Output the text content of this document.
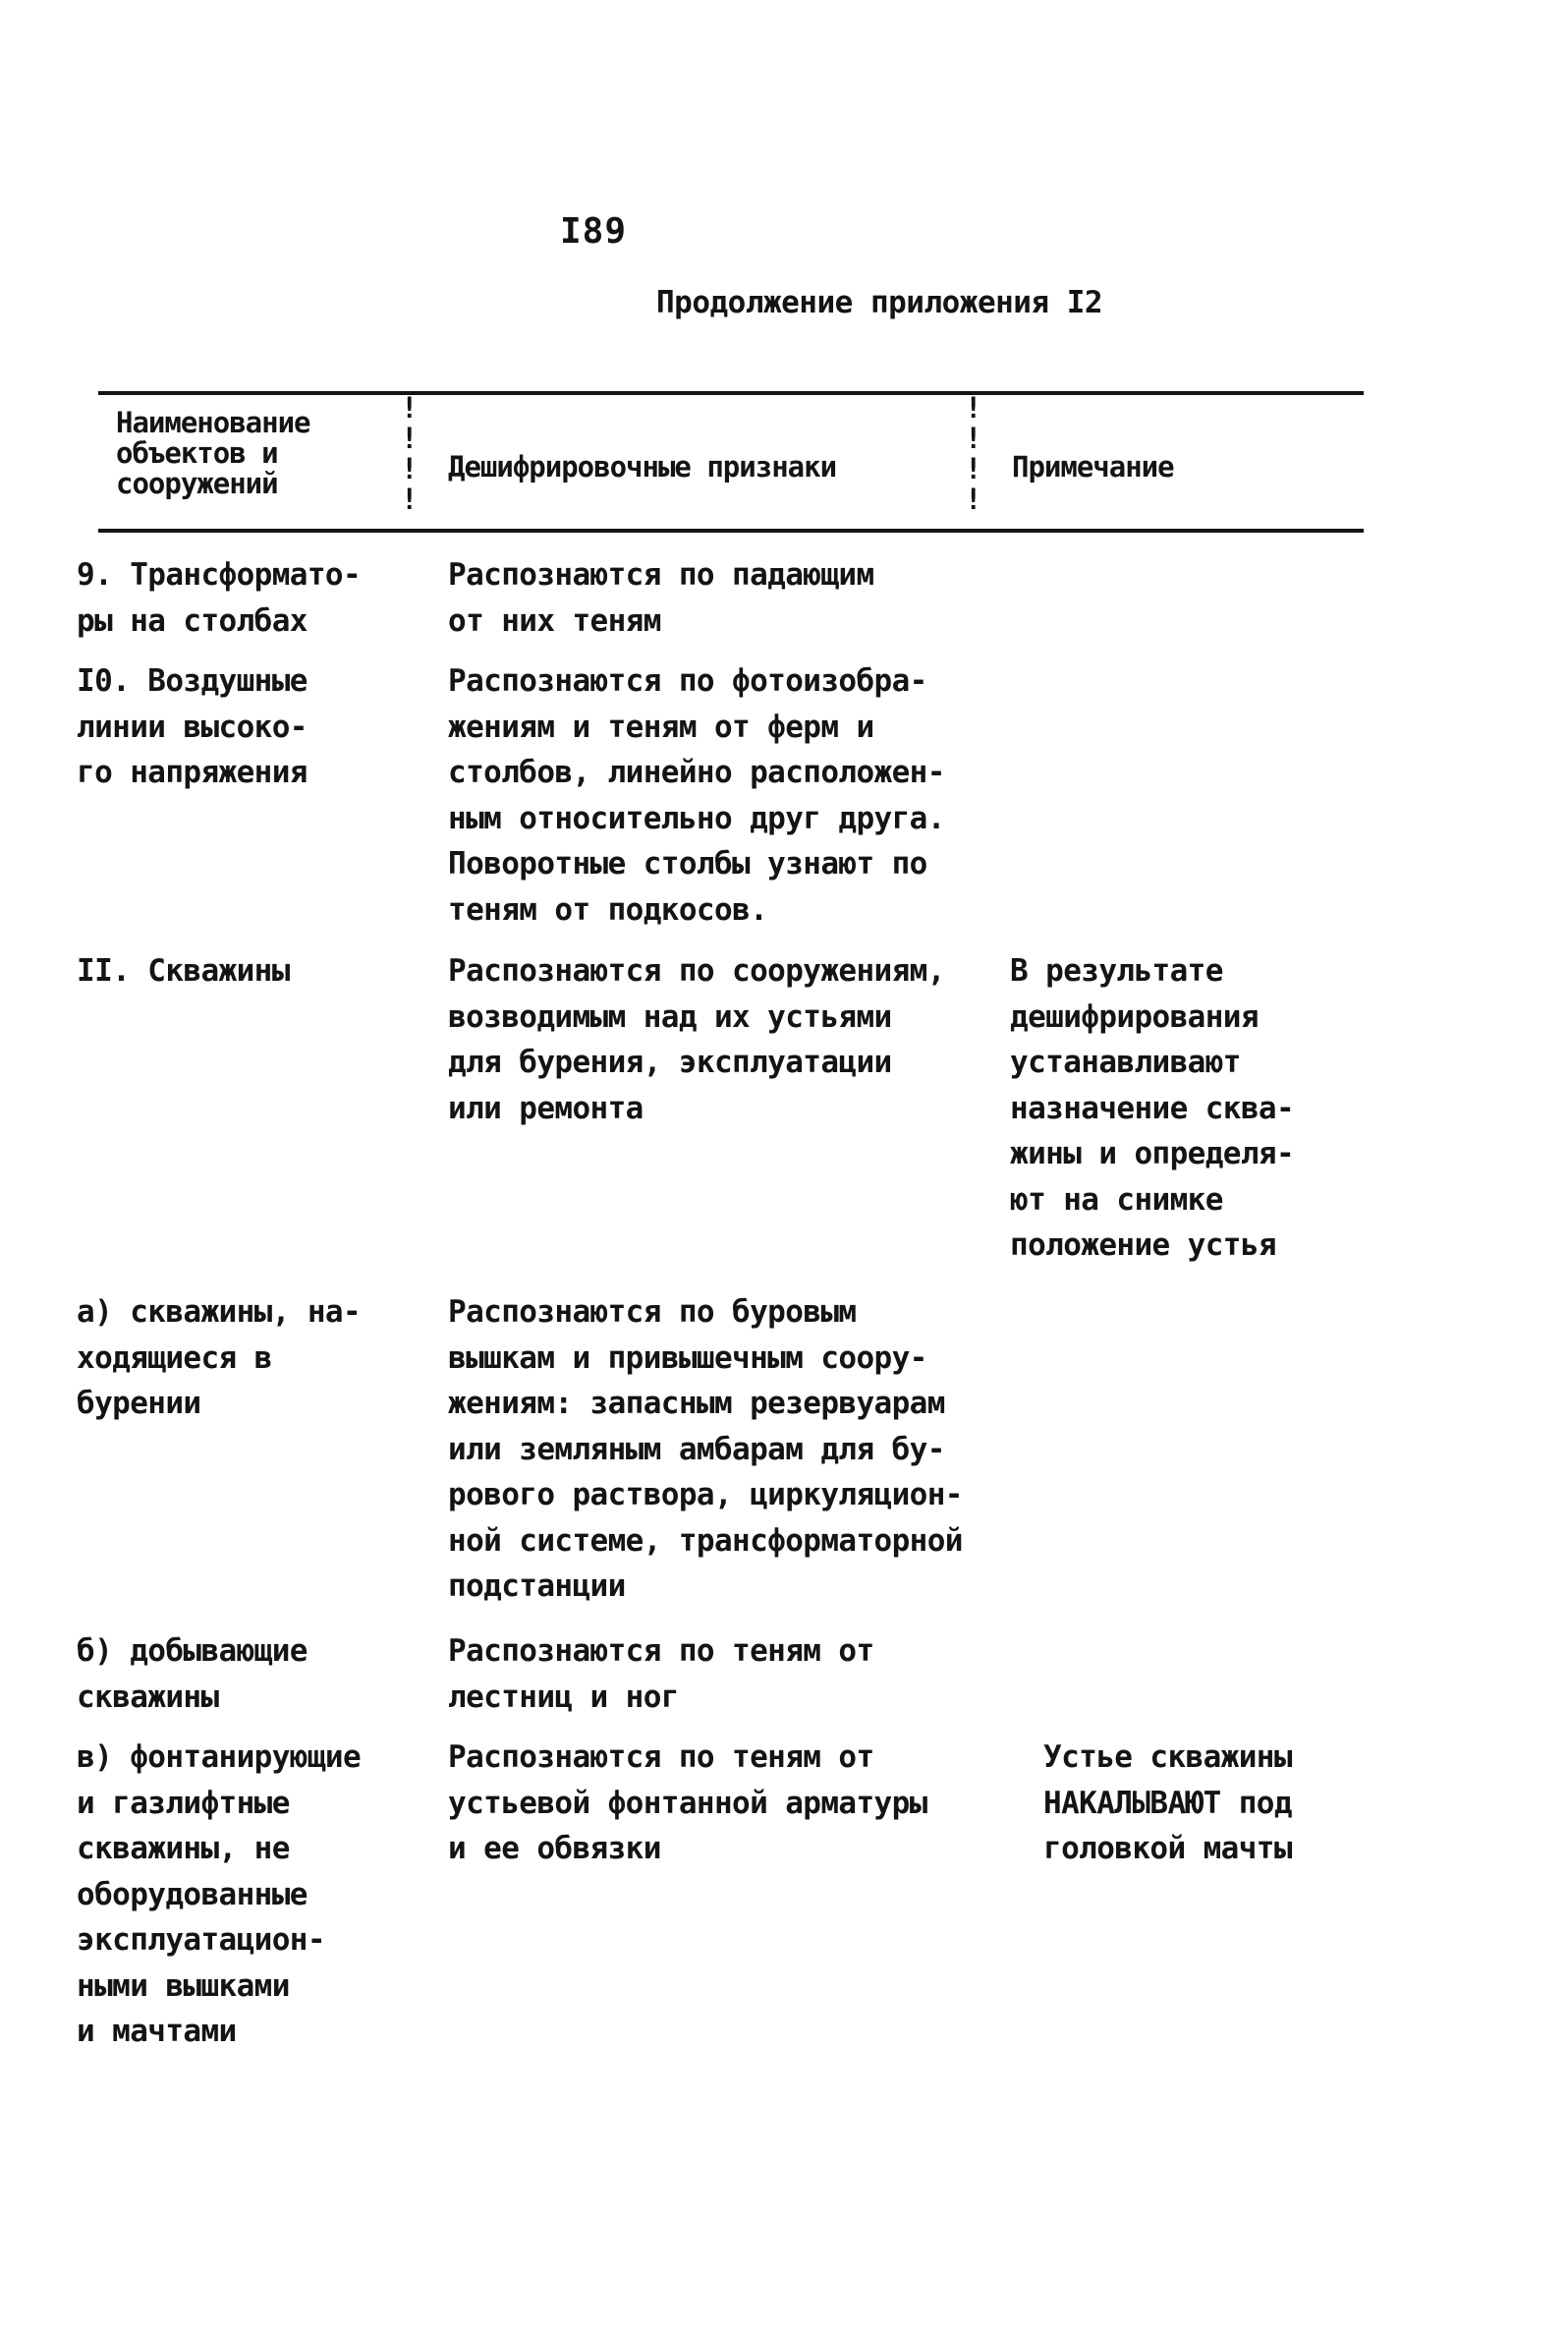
I89
Продолжение приложения I2
Наименование
объектов и
сооружений
!
!
!
!
Дешифрировочные признаки
!
!
!
!
Примечание
9. Трансформато-
ры на столбах
Распознаются по падающим
от них теням
I0. Воздушные
линии высоко-
го напряжения
Распознаются по фотоизобра-
жениям и теням от ферм и
столбов, линейно расположен-
ным относительно друг друга.
Поворотные столбы узнают по
теням от подкосов.
II. Скважины	Распознаются по сооружениям,
возводимым над их устьями
для бурения, эксплуатации
или ремонта
В результате
дешифрирования
устанавливают
назначение сква-
жины и определя-
ют на снимке
положение устья
а) скважины, на-
ходящиеся в
бурении
Распознаются по буровым
вышкам и привышечным соору-
жениям: запасным резервуарам
или земляным амбарам для бу-
рового раствора, циркуляцион-
ной системе, трансформаторной
подстанции
б) добывающие
скважины
Распознаются по теням от
лестниц и ног
в) фонтанирующие
и газлифтные
скважины, не
оборудованные
эксплуатацион-
ными вышками
и мачтами
Распознаются по теням от
устьевой фонтанной арматуры
и ее обвязки
Устье скважины
НАКАЛЫВАЮТ под
головкой мачты
